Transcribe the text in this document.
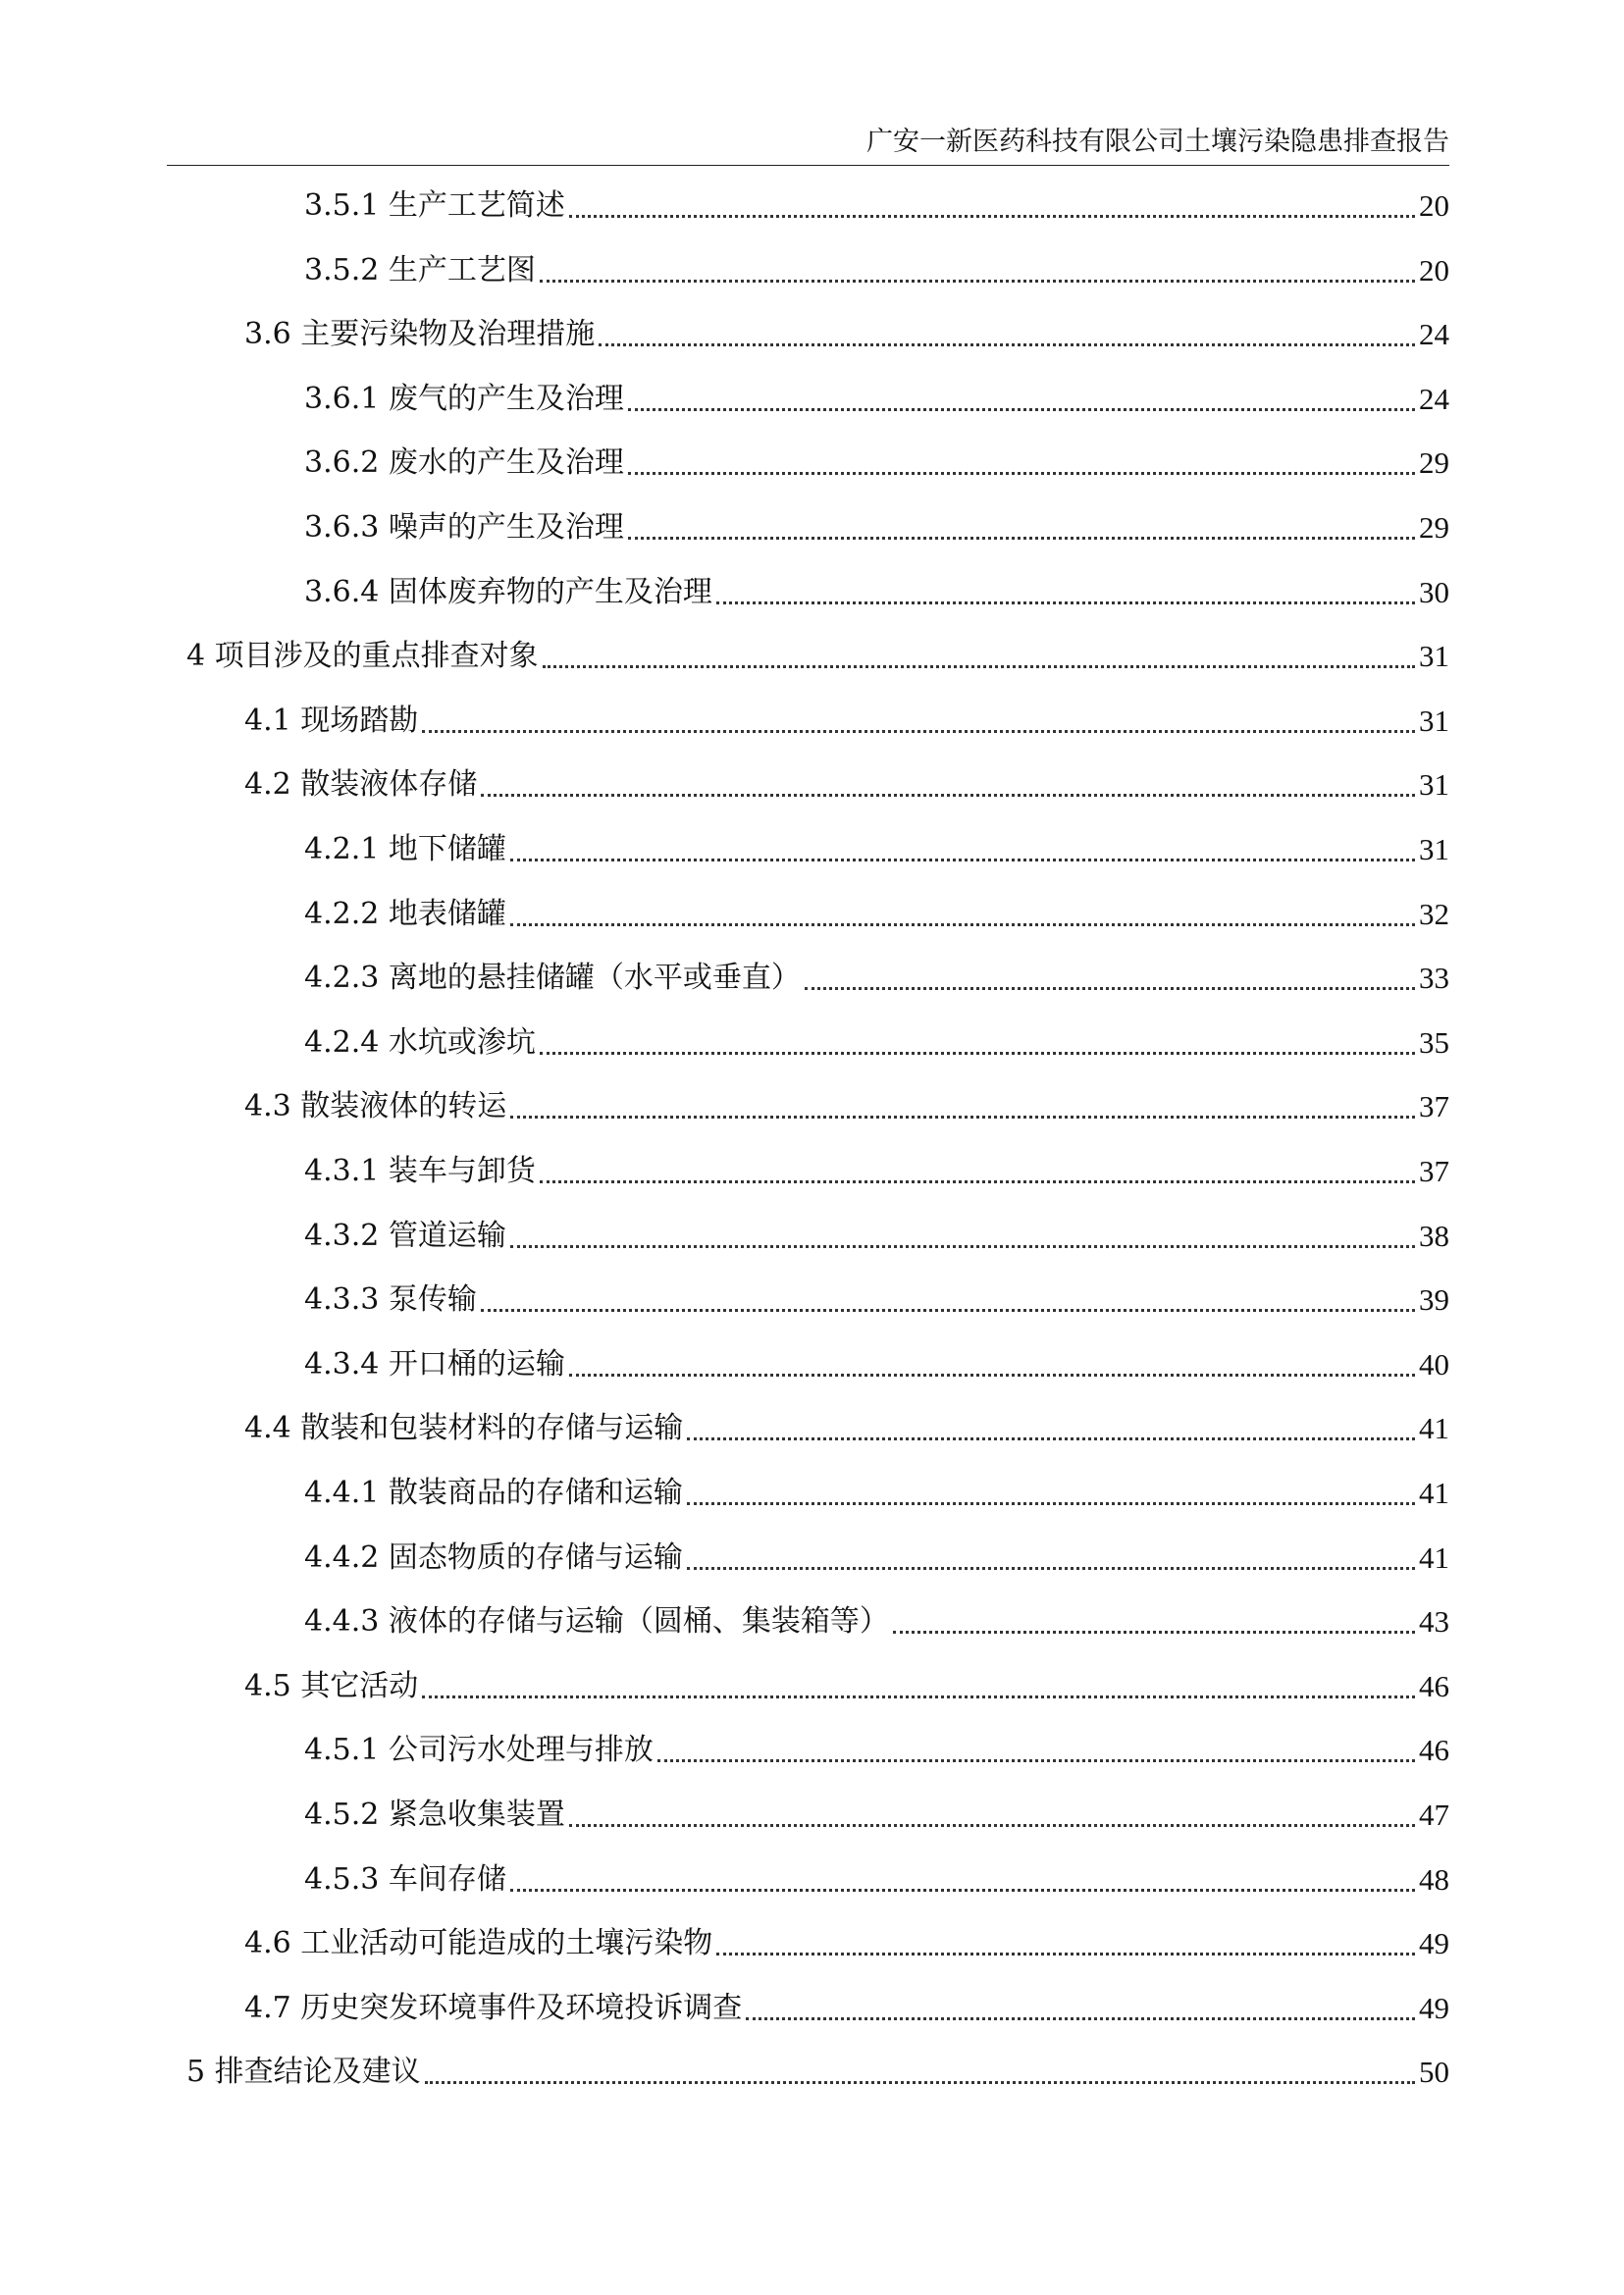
广安一新医药科技有限公司土壤污染隐患排查报告
3.5.1 生产工艺简述	20
3.5.2 生产工艺图	20
3.6 主要污染物及治理措施	24
3.6.1 废气的产生及治理	24
3.6.2 废水的产生及治理	29
3.6.3 噪声的产生及治理	29
3.6.4 固体废弃物的产生及治理	30
4 项目涉及的重点排查对象	31
4.1 现场踏勘	31
4.2 散装液体存储	31
4.2.1 地下储罐	31
4.2.2 地表储罐	32
4.2.3 离地的悬挂储罐（水平或垂直）	33
4.2.4 水坑或渗坑	35
4.3 散装液体的转运	37
4.3.1 装车与卸货	37
4.3.2 管道运输	38
4.3.3 泵传输	39
4.3.4 开口桶的运输	40
4.4 散装和包装材料的存储与运输	41
4.4.1 散装商品的存储和运输	41
4.4.2 固态物质的存储与运输	41
4.4.3 液体的存储与运输（圆桶、集装箱等）	43
4.5 其它活动	46
4.5.1 公司污水处理与排放	46
4.5.2 紧急收集装置	47
4.5.3 车间存储	48
4.6 工业活动可能造成的土壤污染物	49
4.7 历史突发环境事件及环境投诉调查	49
5 排查结论及建议	50
